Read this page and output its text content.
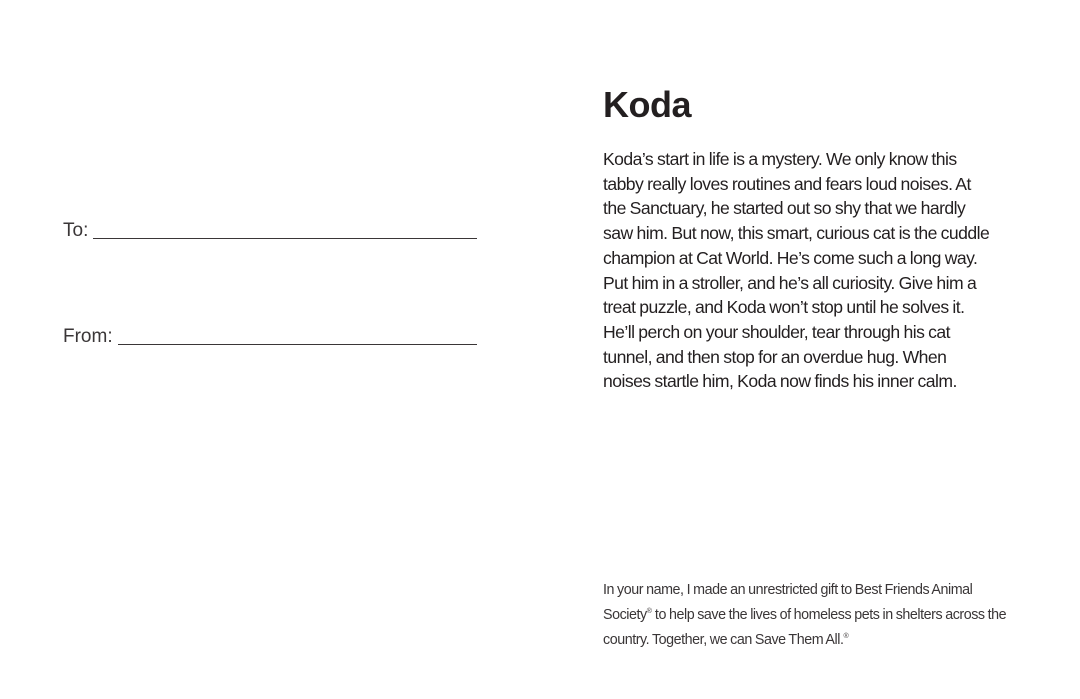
To:
From:
Koda

Koda’s start in life is a mystery. We only know this tabby really loves routines and fears loud noises. At the Sanctuary, he started out so shy that we hardly saw him. But now, this smart, curious cat is the cuddle champion at Cat World. He’s come such a long way. Put him in a stroller, and he’s all curiosity. Give him a treat puzzle, and Koda won’t stop until he solves it. He’ll perch on your shoulder, tear through his cat tunnel, and then stop for an overdue hug. When noises startle him, Koda now finds his inner calm.

In your name, I made an unrestricted gift to Best Friends Animal Society® to help save the lives of homeless pets in shelters across the country. Together, we can Save Them All.®
